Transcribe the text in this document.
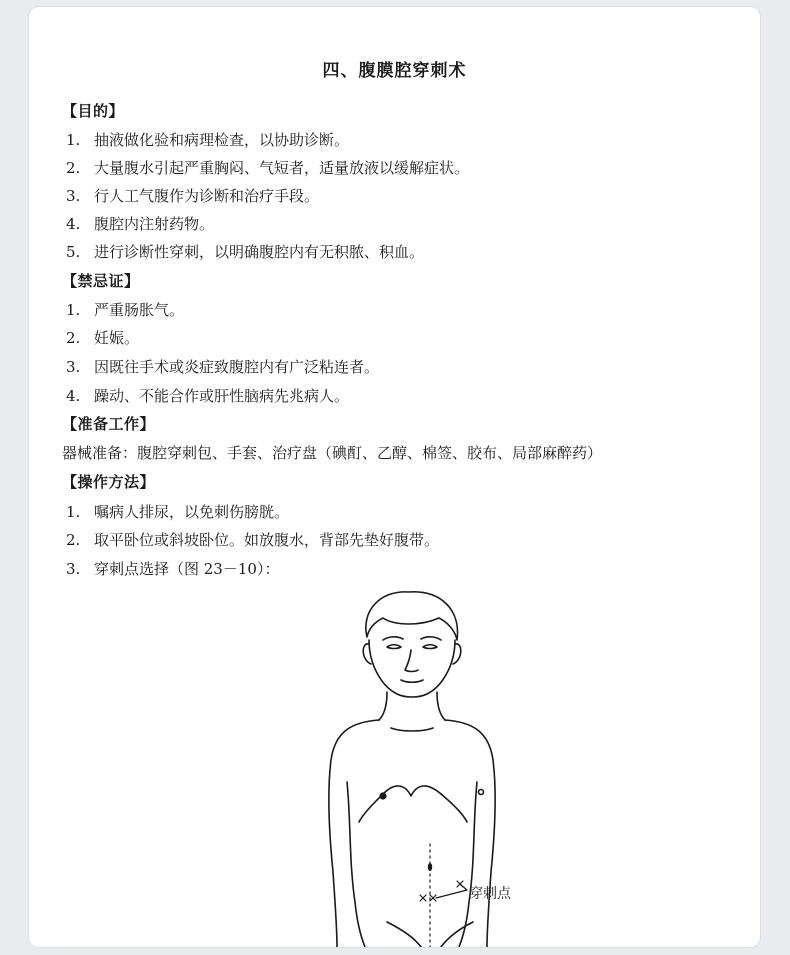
四、腹膜腔穿刺术
【目的】
1. 抽液做化验和病理检查，以协助诊断。
2. 大量腹水引起严重胸闷、气短者，适量放液以缓解症状。
3. 行人工气腹作为诊断和治疗手段。
4. 腹腔内注射药物。
5. 进行诊断性穿刺，以明确腹腔内有无积脓、积血。
【禁忌证】
1. 严重肠胀气。
2. 妊娠。
3. 因既往手术或炎症致腹腔内有广泛粘连者。
4. 躁动、不能合作或肝性脑病先兆病人。
【准备工作】
器械准备：腹腔穿刺包、手套、治疗盘（碘酊、乙醇、棉签、胶布、局部麻醉药）
【操作方法】
1. 嘱病人排尿，以免刺伤膀胱。
2. 取平卧位或斜坡卧位。如放腹水，背部先垫好腹带。
3. 穿刺点选择（图 23－10）：
穿刺点
